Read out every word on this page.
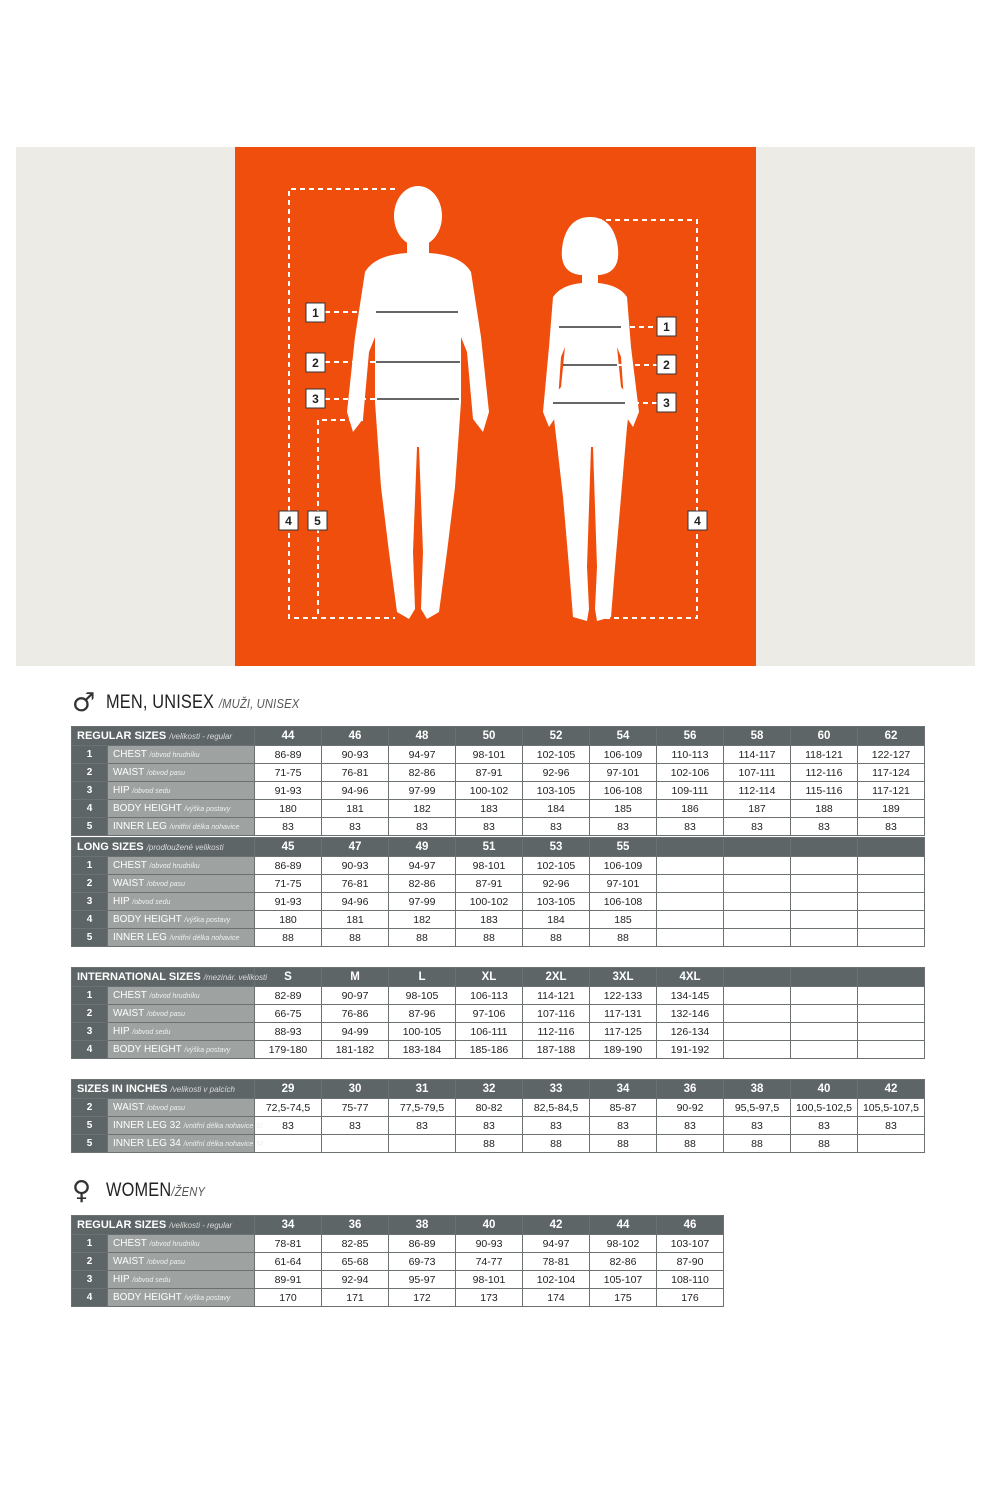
1
2
3
4 5
1
2
3
4
♂ MEN, UNISEX /MUŽI, UNISEX
REGULAR SIZES /velikosti - regular		44	46	48	50	52	54	56	58	60	62
1	CHEST /obvod hrudníku	86-89	90-93	94-97	98-101	102-105	106-109	110-113	114-117	118-121	122-127
2	WAIST /obvod pasu	71-75	76-81	82-86	87-91	92-96	97-101	102-106	107-111	112-116	117-124
3	HIP /obvod sedu	91-93	94-96	97-99	100-102	103-105	106-108	109-111	112-114	115-116	117-121
4	BODY HEIGHT /výška postavy	180	181	182	183	184	185	186	187	188	189
5	INNER LEG /vnitřní délka nohavice	83	83	83	83	83	83	83	83	83	83
LONG SIZES /prodloužené velikosti		45	47	49	51	53	55				
1	CHEST /obvod hrudníku	86-89	90-93	94-97	98-101	102-105	106-109				
2	WAIST /obvod pasu	71-75	76-81	82-86	87-91	92-96	97-101				
3	HIP /obvod sedu	91-93	94-96	97-99	100-102	103-105	106-108				
4	BODY HEIGHT /výška postavy	180	181	182	183	184	185				
5	INNER LEG /vnitřní délka nohavice	88	88	88	88	88	88				
INTERNATIONAL SIZES /mezinár. velikosti		S	M	L	XL	2XL	3XL	4XL			
1	CHEST /obvod hrudníku	82-89	90-97	98-105	106-113	114-121	122-133	134-145			
2	WAIST /obvod pasu	66-75	76-86	87-96	97-106	107-116	117-131	132-146			
3	HIP /obvod sedu	88-93	94-99	100-105	106-111	112-116	117-125	126-134			
4	BODY HEIGHT /výška postavy	179-180	181-182	183-184	185-186	187-188	189-190	191-192			
SIZES IN INCHES /velikosti v palcích		29	30	31	32	33	34	36	38	40	42
2	WAIST /obvod pasu	72,5-74,5	75-77	77,5-79,5	80-82	82,5-84,5	85-87	90-92	95,5-97,5	100,5-102,5	105,5-107,5
5	INNER LEG 32 /vnitřní délka nohavice 32	83	83	83	83	83	83	83	83	83	83
5	INNER LEG 34 /vnitřní délka nohavice 34				88	88	88	88	88	88	
♀ WOMEN/ŽENY
REGULAR SIZES /velikosti - regular		34	36	38	40	42	44	46
1	CHEST /obvod hrudníku	78-81	82-85	86-89	90-93	94-97	98-102	103-107
2	WAIST /obvod pasu	61-64	65-68	69-73	74-77	78-81	82-86	87-90
3	HIP /obvod sedu	89-91	92-94	95-97	98-101	102-104	105-107	108-110
4	BODY HEIGHT /výška postavy	170	171	172	173	174	175	176
